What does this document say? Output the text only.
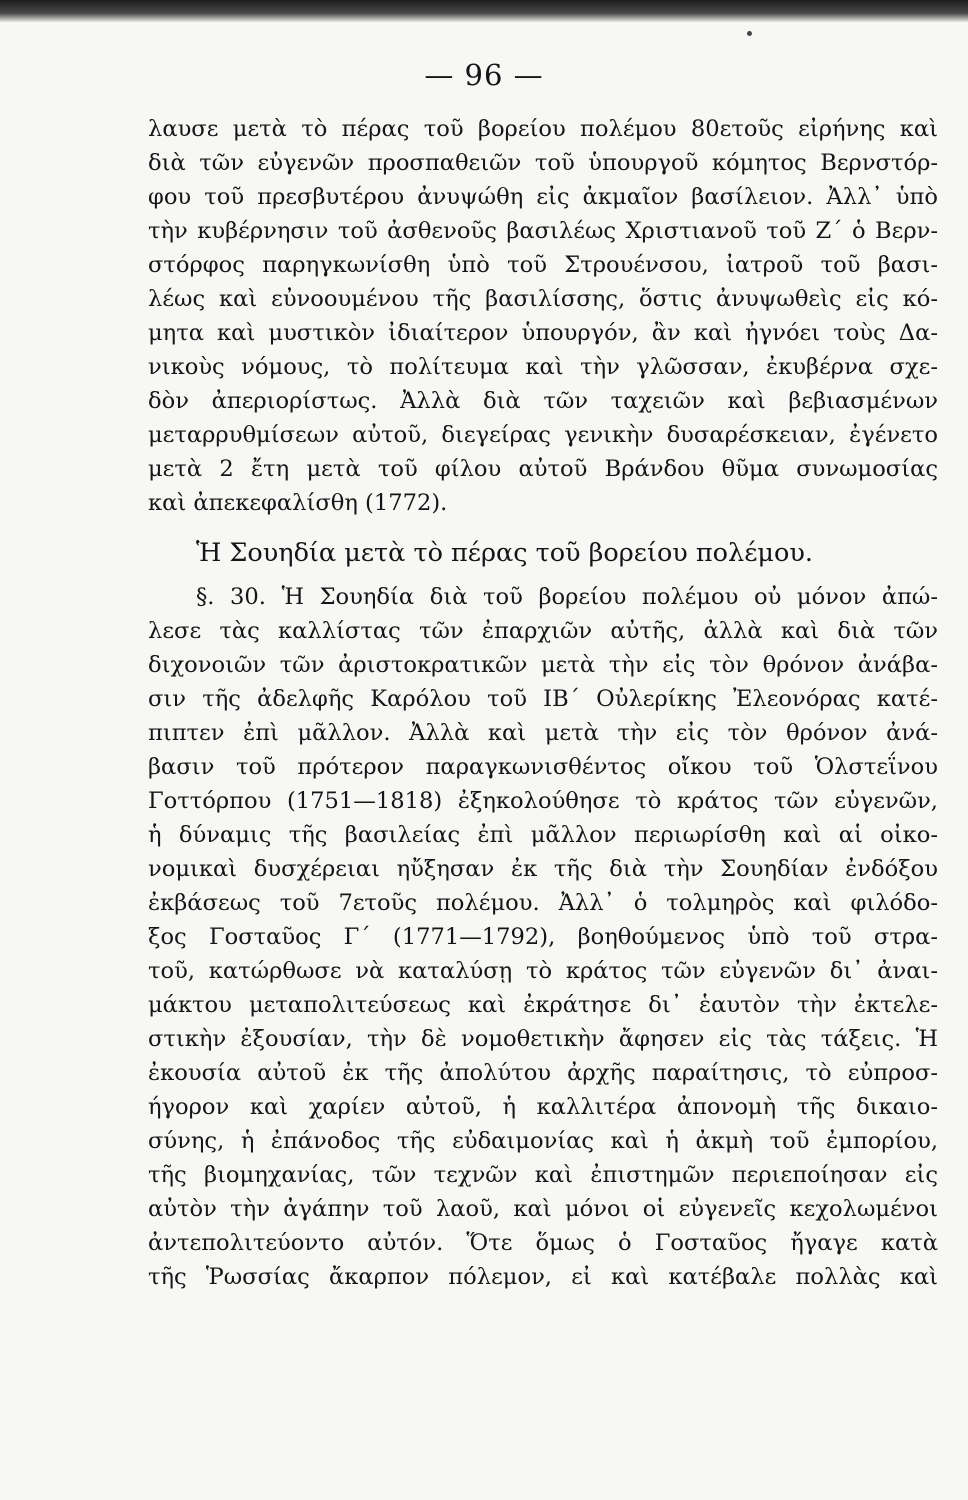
— 96 —
λαυσε μετὰ τὸ πέρας τοῦ βορείου πολέμου 80ετοῦς εἰρήνης καὶ
διὰ τῶν εὐγενῶν προσπαθειῶν τοῦ ὑπουργοῦ κόμητος Βερνστόρ-
φου τοῦ πρεσβυτέρου ἀνυψώθη εἰς ἀκμαῖον βασίλειον. Ἀλλ᾽ ὑπὸ
τὴν κυβέρνησιν τοῦ ἀσθενοῦς βασιλέως Χριστιανοῦ τοῦ Ζ΄ ὁ Βερν-
στόρφος παρηγκωνίσθη ὑπὸ τοῦ Στρουένσου, ἰατροῦ τοῦ βασι-
λέως καὶ εὐνοουμένου τῆς βασιλίσσης, ὅστις ἀνυψωθεὶς εἰς κό-
μητα καὶ μυστικὸν ἰδιαίτερον ὑπουργόν, ἂν καὶ ἠγνόει τοὺς Δα-
νικοὺς νόμους, τὸ πολίτευμα καὶ τὴν γλῶσσαν, ἐκυβέρνα σχε-
δὸν ἀπεριορίστως. Ἀλλὰ διὰ τῶν ταχειῶν καὶ βεβιασμένων
μεταρρυθμίσεων αὐτοῦ, διεγείρας γενικὴν δυσαρέσκειαν, ἐγένετο
μετὰ 2 ἔτη μετὰ τοῦ φίλου αὐτοῦ Βράνδου θῦμα συνωμοσίας
καὶ ἀπεκεφαλίσθη (1772).
Ἡ Σουηδία μετὰ τὸ πέρας τοῦ βορείου πολέμου.
§. 30. Ἡ Σουηδία διὰ τοῦ βορείου πολέμου οὐ μόνον ἀπώ-
λεσε τὰς καλλίστας τῶν ἐπαρχιῶν αὐτῆς, ἀλλὰ καὶ διὰ τῶν
διχονοιῶν τῶν ἀριστοκρατικῶν μετὰ τὴν εἰς τὸν θρόνον ἀνάβα-
σιν τῆς ἀδελφῆς Καρόλου τοῦ ΙΒ΄ Οὐλερίκης Ἐλεονόρας κατέ-
πιπτεν ἐπὶ μᾶλλον. Ἀλλὰ καὶ μετὰ τὴν εἰς τὸν θρόνον ἀνά-
βασιν τοῦ πρότερον παραγκωνισθέντος οἴκου τοῦ Ὁλστεΐνου
Γοττόρπου (1751—1818) ἐξηκολούθησε τὸ κράτος τῶν εὐγενῶν,
ἡ δύναμις τῆς βασιλείας ἐπὶ μᾶλλον περιωρίσθη καὶ αἱ οἰκο-
νομικαὶ δυσχέρειαι ηὔξησαν ἐκ τῆς διὰ τὴν Σουηδίαν ἐνδόξου
ἐκβάσεως τοῦ 7ετοῦς πολέμου. Ἀλλ᾽ ὁ τολμηρὸς καὶ φιλόδο-
ξος Γοσταῦος Γ΄ (1771—1792), βοηθούμενος ὑπὸ τοῦ στρα-
τοῦ, κατώρθωσε νὰ καταλύσῃ τὸ κράτος τῶν εὐγενῶν δι᾽ ἀναι-
μάκτου μεταπολιτεύσεως καὶ ἐκράτησε δι᾽ ἑαυτὸν τὴν ἐκτελε-
στικὴν ἐξουσίαν, τὴν δὲ νομοθετικὴν ἄφησεν εἰς τὰς τάξεις. Ἡ
ἐκουσία αὐτοῦ ἐκ τῆς ἀπολύτου ἀρχῆς παραίτησις, τὸ εὐπροσ-
ήγορον καὶ χαρίεν αὐτοῦ, ἡ καλλιτέρα ἀπονομὴ τῆς δικαιο-
σύνης, ἡ ἐπάνοδος τῆς εὐδαιμονίας καὶ ἡ ἀκμὴ τοῦ ἐμπορίου,
τῆς βιομηχανίας, τῶν τεχνῶν καὶ ἐπιστημῶν περιεποίησαν εἰς
αὐτὸν τὴν ἀγάπην τοῦ λαοῦ, καὶ μόνοι οἱ εὐγενεῖς κεχολωμένοι
ἀντεπολιτεύοντο αὐτόν. Ὅτε ὅμως ὁ Γοσταῦος ἤγαγε κατὰ
τῆς Ῥωσσίας ἄκαρπον πόλεμον, εἰ καὶ κατέβαλε πολλὰς καὶ
